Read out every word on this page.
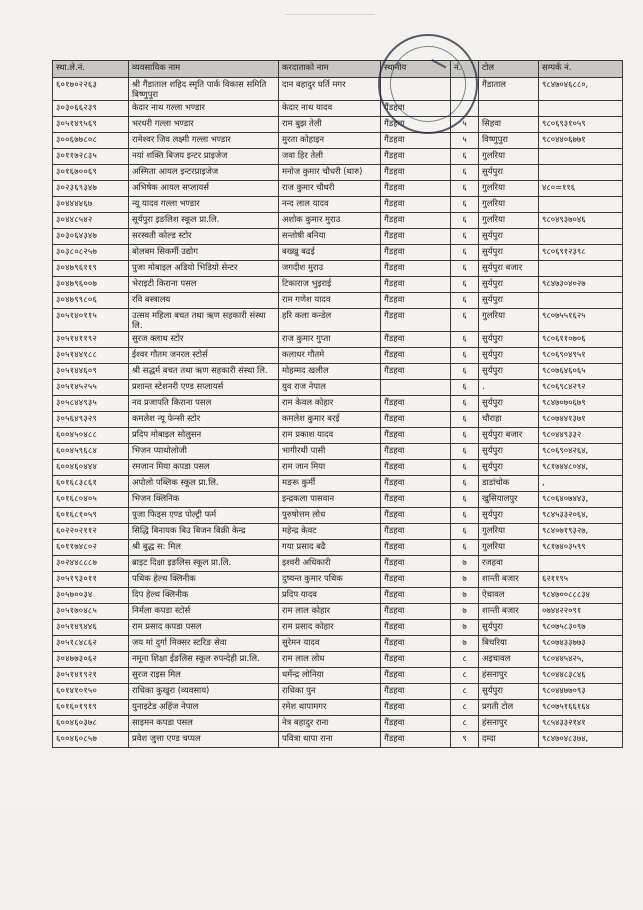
स्था.ले.नं.	व्यवसायिक नाम	करदाताको नाम	स्थानीय	नं.	टोल	सम्पर्क नं.
६०१७०२२६३	श्री गैंडाताल शहिद स्मृति पार्क विकास समिति बिष्णुपुरा	दान बहादुर घर्ति मगर			गैंडाताल	९८४७०४६८८०,
३०३०६६२३९	केदार नाथ गल्ला भण्डार	केदार नाथ यादव	गैंडहवा			
३०५१४९५६९	भरधरी गल्ला भण्डार	राम बुझ तेली	गैंडहवा	५	सिहवा	९८०६९३१०५९
३००६७७८०८	रामेश्वर जिव लक्ष्मी गल्ला भण्डार	मुरता कोहाइन	गैंडहवा	५	विष्णुपुरा	९८०४४०६७७१
३०११७२८३५	नयां शक्ति बिजय इन्टर प्राइजेज	जवा हिर तेली	गैंडहवा	६	गुलरिया	
३०१६७००६९	अस्मिता आयल इन्टरप्राइजेज	मनोज कुमार चौधरी (थारु)	गैंडहवा	६	सुर्यपुरा	
३०२३६९३४७	अभिषेक आयल सप्लायर्स	राज कुमार चौधरी	गैंडहवा	६	गुलरिया	४८०=११६
३०४४४४६७	न्यू यादव गल्ला भण्डार	नन्द लाल यादव	गैंडहवा	६	गुलरिया	
३०४४८५४२	सूर्यपुरा इङलिश स्कूल प्रा.लि.	अशोक कुमार मुराउ	गैंडहवा	६	गुलरिया	९८०४९३७०४६
३०३०६४३४७	सरस्वती कोल्ड स्टोर	सन्तोषी बनिया	गैंडहवा	६	सुर्यपुरा	
३०३८०८२५७	बोलबम सिकर्मी उद्योग	बख्खु बढई	गैंडहवा	६	सुर्यपुरा	९८०६९१२३९८
३०४७९६११९	पुजा मोबाइल अडियो भिडियो सेन्टर	जगदीश मुराउ	गैंडहवा	६	सुर्यपुरा बजार	
३०४७९६००७	भेराइटी किराना पसल	टिकाराज भुइराई	गैंडहवा	६	सुर्यपुरा	९८४७३०४०२७
३०४७९९८०६	रवि बस्त्रालय	राम गणेश यादव	गैंडहवा	६	सुर्यपुरा	
३०५१४०११५	उत्सव महिला बचत तथा ऋण सहकारी संस्था लि.	हरि कला कन्डेल	गैंडहवा	६	गुलरिया	९८०७५५१६२५
३०५१४११९२	सुरज क्लाथ स्टोर	राज कुमार गुप्ता	गैंडहवा	६	सुर्यपुरा	९८०६११०७०६
३०५१४४१८८	ईश्वर गौतम जनरल स्टोर्स	कलाधर गौतमे	गैंडहवा	६	सुर्यपुरा	९८०६९०४९५१
३०५१४४६०९	श्री सद्धर्म बचत तथा ऋण सहकारी संस्था लि.	मोहम्मद खलील	गैंडहवा	६	सुर्यपुरा	९८०७६४६०६५
३०५१४५२५५	प्रशान्त स्टेशनरी एण्ड सप्लायर्स	युव राज नेपाल		६	.	९८०६९८४२९२
३०५८४४९३५	नव प्रजापति किराना पसल	राम केवल कोहार	गैंडहवा	६	सुर्यपुरा	९८४७०७०६७९
३०५६४९३२९	कमलेश न्यू फेन्सी स्टोर	कमलेश कुमार बरई	गैंडहवा	६	चौराहा	९८०७४४१३७१
६००४५०४८८	प्रदिप मोबाइल सोलुसन	राम प्रकाश यादव	गैंडहवा	६	सुर्यपुरा बजार	९८०४४९३३२
६००४५९६८४	भिजन प्याथोलोजी	भागीरथी पासी	गैंडहवा	६	सुर्यपुरा	९८०६९०४२६४,
६००४६०४४४	रमजान मिया कपडा पसल	राम जान मिया	गैंडहवा	६	सुर्यपुरा	९८१७४४८०४४,
६०१६८३८६१	अपोलो पब्लिक स्कूल प्रा.लि.	मङरू कुर्मी	गैंडहवा	६	डाडांचोक	,
६०१६८०४०५	भिजन क्लिनिक	इन्द्रकला पासवान	गैंडहवा	६	खुसियालपुर	९८०६४०७४४३,
६०१६८१०५९	पुजा फिड्स एण्ड पोल्ट्री फर्म	पुरुषोत्तम लोध	गैंडहवा	६	सुर्यपुरा	९८४५३३२०६४,
६०२२०२११२	सिद्धि बिनायक बिउ बिजन बिक्री केन्द्र	महेन्द्र केवट	गैंडहवा	६	गुलरिया	९८४०७१९३२७,
६०११७४८०२	श्री बुद्ध स: मिल	गया प्रसाद बढै	गैंडहवा	६	गुलरिया	९८१७४०३५९९
३०२४४८८८७	ब्राइट दिक्षा इङलिस स्कूल प्रा.लि.	इश्वरी अधिकारी	गैंडहवा	७	रजहवा	
३०५१९३०११	पथिक हेल्थ क्लिनीक	दुष्यन्त कुमार पथिक	गैंडहवा	७	शान्ती बजार	६२११९५
३०५७००३४	दिप हेल्थ क्लिनीक	प्रदिप यादव	गैंडहवा	७	ऐचावल	९८४७००८८८३४
३०५१७०४८५	निर्मला कपडा स्टोर्स	राम लाल कोहार	गैंडहवा	७	शान्ती बजार	०७४४२२०९१
३०५१४९४४६	राम प्रसाद कपडा पसल	राम प्रसाद कोहार	गैंडहवा	७	सुर्यपुरा	९८०७५८३०९७
३०५१८४८६२	जय मां दुर्गा मिक्सर स्टरिङ सेवा	सुरेमन यादव	गैंडहवा	७	बिचरिया	९८०७४३३७७३
३०४७७३०६२	नमूना शिक्षा ईङलिस स्कूल रुपन्देही प्रा.लि.	राम लाल लोध	गैंडहवा	८	अइचावल	९८०४४५४२५,
३०५१४१९२१	सुरज राइस मिल	धर्मेन्द्र लोनिया	गैंडहवा	८	हंसनापुर	९८०४४८३८४६
६०१४१०१५०	राधिका कुखुरा (व्यवसाय)	राधिका पुन	गैंडहवा	८	सुर्यपुरा	९८०४४७७०९३
६०१६०१९१९	युनाइटेड अहिंज नेपाल	रमेश थापामगर	गैंडहवा	८	प्रगती टोल	९८०७५१६६१६४
६००४६०३७८	साइमन कपडा पसल	नेत्र बहादुर राना	गैंडहवा	८	हंसनापुर	९८५४३३२१४१
६००४६०८५७	प्रवेश जुत्ता एण्ड चप्पल	पवित्रा थापा राना	गैंडहवा	९	दम्दा	९८४७०४८३७४,
